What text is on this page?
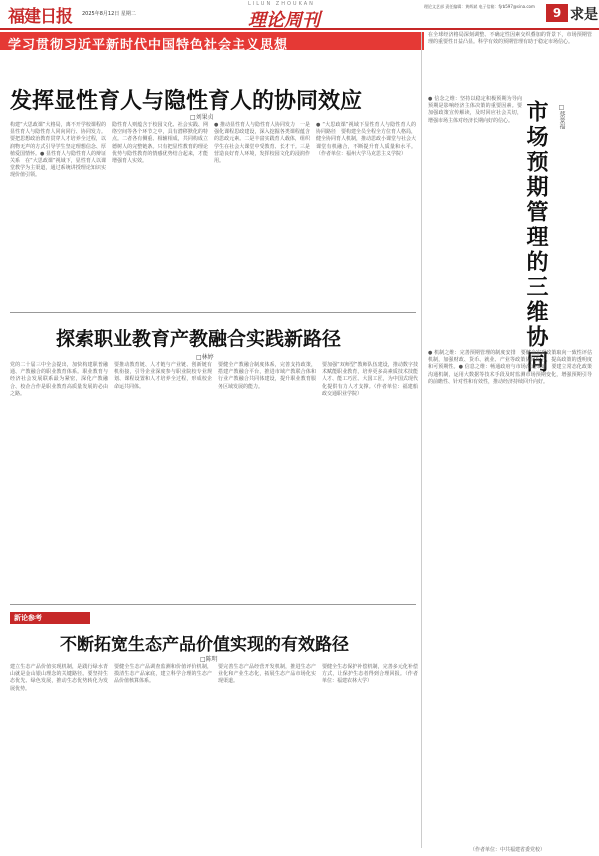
福建日报 2025年8月12日 星期二
LILUN ZHOUKAN
理论周刊
理论文艺部 责任编辑：黄辉斌 电子信箱：fjrb597@sina.com	9 求是
学习贯彻习近平新时代中国特色社会主义思想
发挥显性育人与隐性育人的协同效应
□刘果贞
构建“大思政课”大格局，离不开学校课程的显性育人与隐性育人同向同行、协同发力。要把思想政治教育贯穿人才培养全过程，以润物无声的方式引导学生坚定理想信念、厚植爱国情怀。● 显性育人与隐性育人的辩证关系　在“大思政课”视域下，显性育人以课堂教学为主渠道，通过系统讲授理论知识实现价值引领。
隐性育人则蕴含于校园文化、社会实践、网络空间等各个环节之中，具有潜移默化的特点。二者各有侧重、相辅相成，共同构成立德树人的完整链条。只有把显性教育的理论优势与隐性教育的情感优势结合起来，才能增强育人实效。
● 推动显性育人与隐性育人协同发力　一是强化课程思政建设，深入挖掘各类课程蕴含的思政元素。二是丰富实践育人载体，组织学生在社会大课堂中受教育、长才干。三是营造良好育人环境，发挥校园文化的浸润作用。
● “大思政课”视域下显性育人与隐性育人的协同路径　要构建全员全程全方位育人格局，健全协同育人机制，推动思政小课堂与社会大课堂有机融合，不断提升育人质量和水平。（作者单位：福州大学马克思主义学院）
探索职业教育产教融合实践新路径
□林婷
党的二十届三中全会提出，加快构建职普融通、产教融合的职业教育体系。职业教育与经济社会发展联系最为紧密，深化产教融合、校企合作是职业教育高质量发展的必由之路。
要推动教育链、人才链与产业链、创新链有机衔接，引导企业深度参与职业院校专业规划、课程设置和人才培养全过程，形成校企命运共同体。
要健全产教融合制度体系，完善支持政策，搭建产教融合平台，推进市域产教联合体和行业产教融合共同体建设，提升职业教育服务区域发展的能力。
要加强“双师型”教师队伍建设，推动数字技术赋能职业教育，培养更多高素质技术技能人才、能工巧匠、大国工匠，为中国式现代化提供有力人才支撑。（作者单位：福建船政交通职业学院）
新论参考
不断拓宽生态产品价值实现的有效路径
□陈明
建立生态产品价值实现机制，是践行绿水青山就是金山银山理念的关键路径。要坚持生态优先、绿色发展，推动生态优势转化为发展优势。
要健全生态产品调查监测和价值评价机制，摸清生态产品家底，建立科学合理的生态产品价值核算体系。
要完善生态产品经营开发机制，推进生态产业化和产业生态化，拓展生态产品市场化实现渠道。
要健全生态保护补偿机制，完善多元化补偿方式，让保护生态者得到合理回报。（作者单位：福建农林大学）
在全球经济格局深刻调整、不确定性因素交织叠加的背景下，市场预期管理的重要性日益凸显。科学有效的预期管理有助于稳定市场信心。
市场预期管理的三维协同	□蔡景福
● 信念之维：坚持以稳定积极预期为导向　预期是影响经济主体决策的重要因素。要加强政策宣传解读，及时回应社会关切，增强市场主体对经济长期向好的信心。
● 机制之维：完善预期管理的制度安排　要健全宏观政策取向一致性评估机制，加强财政、货币、就业、产业等政策协同配合，提高政策的透明度和可预期性。● 信息之维：畅通政府与市场沟通渠道　要建立常态化政策沟通机制，运用大数据等技术手段及时监测市场预期变化，增强预期引导的前瞻性、针对性和有效性，推动经济持续回升向好。
（作者单位：中共福建省委党校）
